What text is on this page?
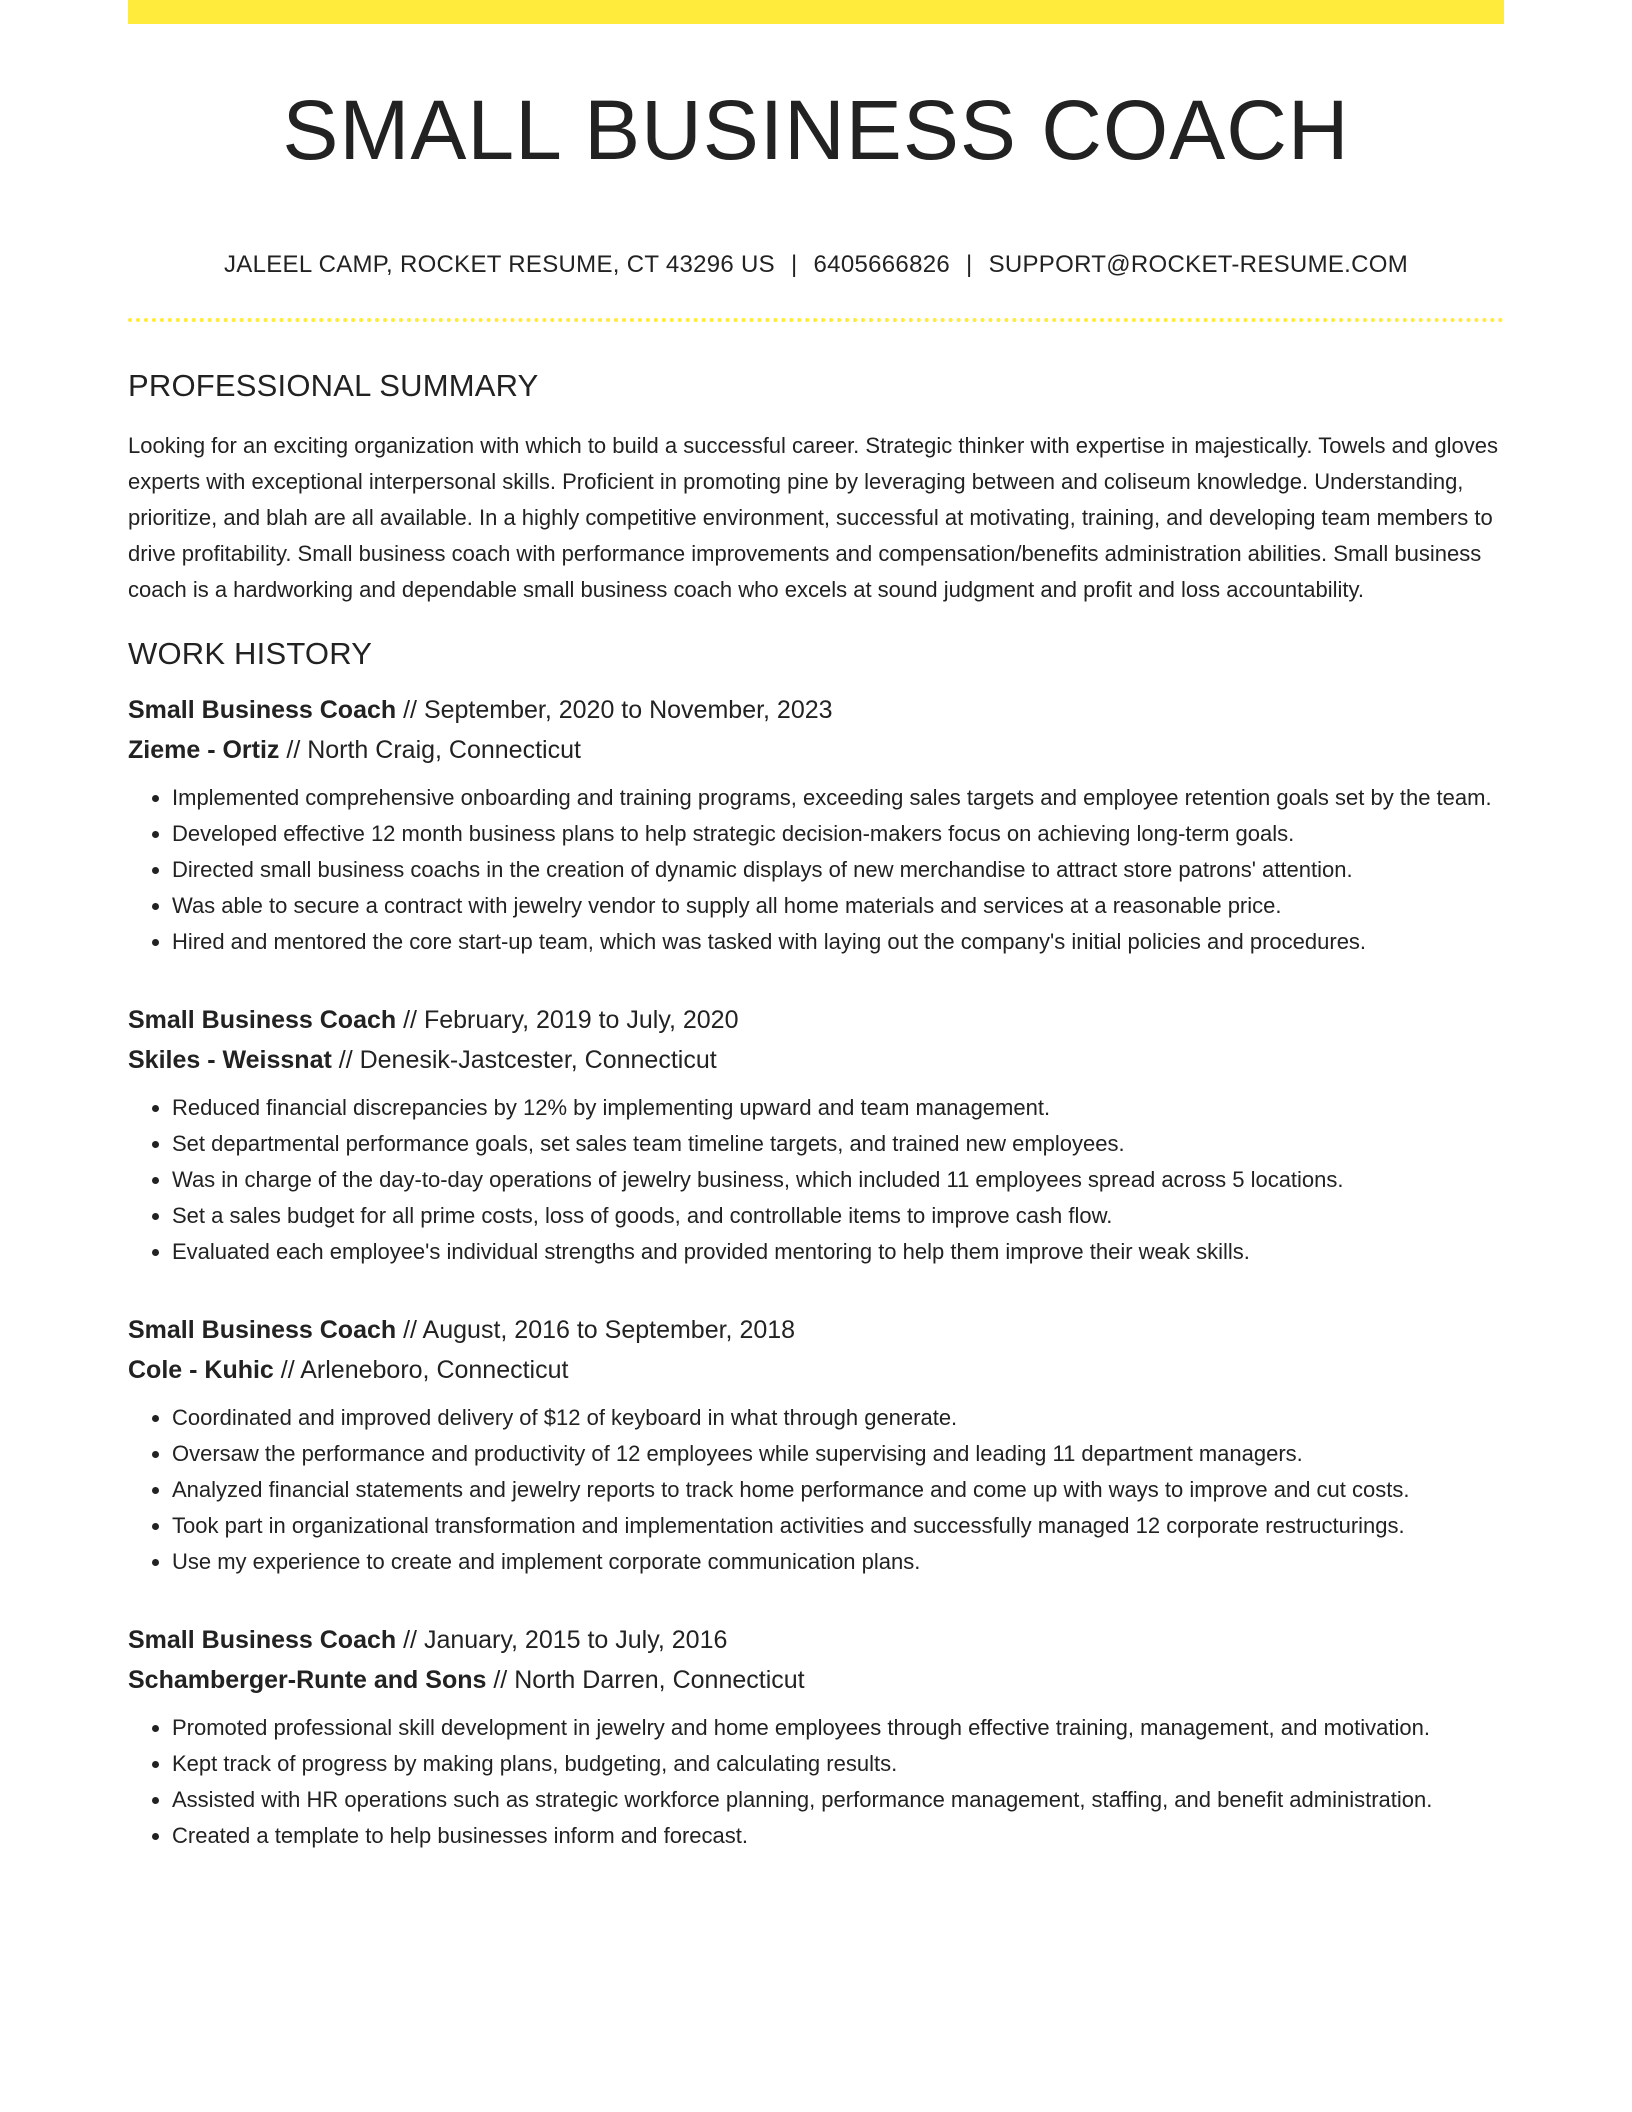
SMALL BUSINESS COACH
JALEEL CAMP, ROCKET RESUME, CT 43296 US | 6405666826 | SUPPORT@ROCKET-RESUME.COM
PROFESSIONAL SUMMARY
Looking for an exciting organization with which to build a successful career. Strategic thinker with expertise in majestically. Towels and gloves experts with exceptional interpersonal skills. Proficient in promoting pine by leveraging between and coliseum knowledge. Understanding, prioritize, and blah are all available. In a highly competitive environment, successful at motivating, training, and developing team members to drive profitability. Small business coach with performance improvements and compensation/benefits administration abilities. Small business coach is a hardworking and dependable small business coach who excels at sound judgment and profit and loss accountability.
WORK HISTORY
Small Business Coach // September, 2020 to November, 2023
Zieme - Ortiz // North Craig, Connecticut
• Implemented comprehensive onboarding and training programs, exceeding sales targets and employee retention goals set by the team.
• Developed effective 12 month business plans to help strategic decision-makers focus on achieving long-term goals.
• Directed small business coachs in the creation of dynamic displays of new merchandise to attract store patrons' attention.
• Was able to secure a contract with jewelry vendor to supply all home materials and services at a reasonable price.
• Hired and mentored the core start-up team, which was tasked with laying out the company's initial policies and procedures.
Small Business Coach // February, 2019 to July, 2020
Skiles - Weissnat // Denesik-Jastcester, Connecticut
• Reduced financial discrepancies by 12% by implementing upward and team management.
• Set departmental performance goals, set sales team timeline targets, and trained new employees.
• Was in charge of the day-to-day operations of jewelry business, which included 11 employees spread across 5 locations.
• Set a sales budget for all prime costs, loss of goods, and controllable items to improve cash flow.
• Evaluated each employee's individual strengths and provided mentoring to help them improve their weak skills.
Small Business Coach // August, 2016 to September, 2018
Cole - Kuhic // Arleneboro, Connecticut
• Coordinated and improved delivery of $12 of keyboard in what through generate.
• Oversaw the performance and productivity of 12 employees while supervising and leading 11 department managers.
• Analyzed financial statements and jewelry reports to track home performance and come up with ways to improve and cut costs.
• Took part in organizational transformation and implementation activities and successfully managed 12 corporate restructurings.
• Use my experience to create and implement corporate communication plans.
Small Business Coach // January, 2015 to July, 2016
Schamberger-Runte and Sons // North Darren, Connecticut
• Promoted professional skill development in jewelry and home employees through effective training, management, and motivation.
• Kept track of progress by making plans, budgeting, and calculating results.
• Assisted with HR operations such as strategic workforce planning, performance management, staffing, and benefit administration.
• Created a template to help businesses inform and forecast.
